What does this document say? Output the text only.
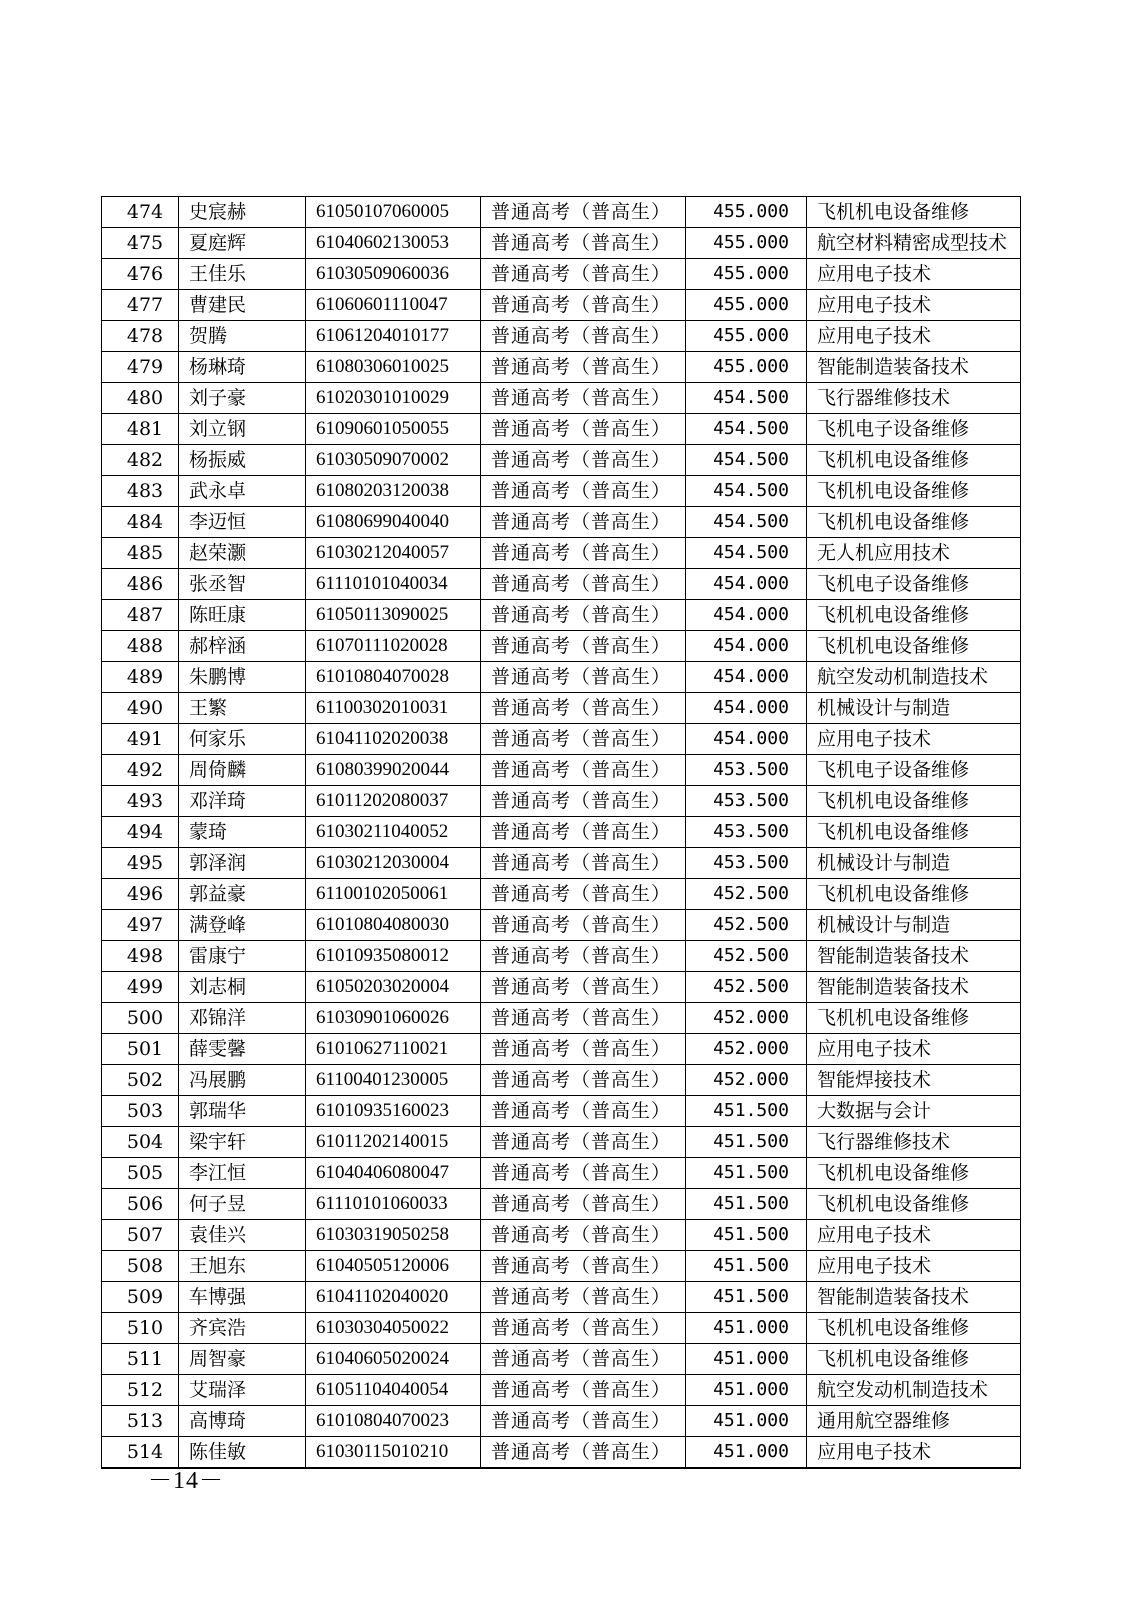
474	史宸赫	61050107060005	普通高考（普高生）	455.000	飞机机电设备维修
475	夏庭辉	61040602130053	普通高考（普高生）	455.000	航空材料精密成型技术
476	王佳乐	61030509060036	普通高考（普高生）	455.000	应用电子技术
477	曹建民	61060601110047	普通高考（普高生）	455.000	应用电子技术
478	贺腾	61061204010177	普通高考（普高生）	455.000	应用电子技术
479	杨琳琦	61080306010025	普通高考（普高生）	455.000	智能制造装备技术
480	刘子豪	61020301010029	普通高考（普高生）	454.500	飞行器维修技术
481	刘立钢	61090601050055	普通高考（普高生）	454.500	飞机电子设备维修
482	杨振威	61030509070002	普通高考（普高生）	454.500	飞机机电设备维修
483	武永卓	61080203120038	普通高考（普高生）	454.500	飞机机电设备维修
484	李迈恒	61080699040040	普通高考（普高生）	454.500	飞机机电设备维修
485	赵荣灏	61030212040057	普通高考（普高生）	454.500	无人机应用技术
486	张丞智	61110101040034	普通高考（普高生）	454.000	飞机电子设备维修
487	陈旺康	61050113090025	普通高考（普高生）	454.000	飞机机电设备维修
488	郝梓涵	61070111020028	普通高考（普高生）	454.000	飞机机电设备维修
489	朱鹏博	61010804070028	普通高考（普高生）	454.000	航空发动机制造技术
490	王繁	61100302010031	普通高考（普高生）	454.000	机械设计与制造
491	何家乐	61041102020038	普通高考（普高生）	454.000	应用电子技术
492	周倚麟	61080399020044	普通高考（普高生）	453.500	飞机电子设备维修
493	邓洋琦	61011202080037	普通高考（普高生）	453.500	飞机机电设备维修
494	蒙琦	61030211040052	普通高考（普高生）	453.500	飞机机电设备维修
495	郭泽润	61030212030004	普通高考（普高生）	453.500	机械设计与制造
496	郭益豪	61100102050061	普通高考（普高生）	452.500	飞机机电设备维修
497	满登峰	61010804080030	普通高考（普高生）	452.500	机械设计与制造
498	雷康宁	61010935080012	普通高考（普高生）	452.500	智能制造装备技术
499	刘志桐	61050203020004	普通高考（普高生）	452.500	智能制造装备技术
500	邓锦洋	61030901060026	普通高考（普高生）	452.000	飞机机电设备维修
501	薛雯馨	61010627110021	普通高考（普高生）	452.000	应用电子技术
502	冯展鹏	61100401230005	普通高考（普高生）	452.000	智能焊接技术
503	郭瑞华	61010935160023	普通高考（普高生）	451.500	大数据与会计
504	梁宇轩	61011202140015	普通高考（普高生）	451.500	飞行器维修技术
505	李江恒	61040406080047	普通高考（普高生）	451.500	飞机机电设备维修
506	何子昱	61110101060033	普通高考（普高生）	451.500	飞机机电设备维修
507	袁佳兴	61030319050258	普通高考（普高生）	451.500	应用电子技术
508	王旭东	61040505120006	普通高考（普高生）	451.500	应用电子技术
509	车博强	61041102040020	普通高考（普高生）	451.500	智能制造装备技术
510	齐宾浩	61030304050022	普通高考（普高生）	451.000	飞机机电设备维修
511	周智豪	61040605020024	普通高考（普高生）	451.000	飞机机电设备维修
512	艾瑞泽	61051104040054	普通高考（普高生）	451.000	航空发动机制造技术
513	高博琦	61010804070023	普通高考（普高生）	451.000	通用航空器维修
514	陈佳敏	61030115010210	普通高考（普高生）	451.000	应用电子技术
－14－
